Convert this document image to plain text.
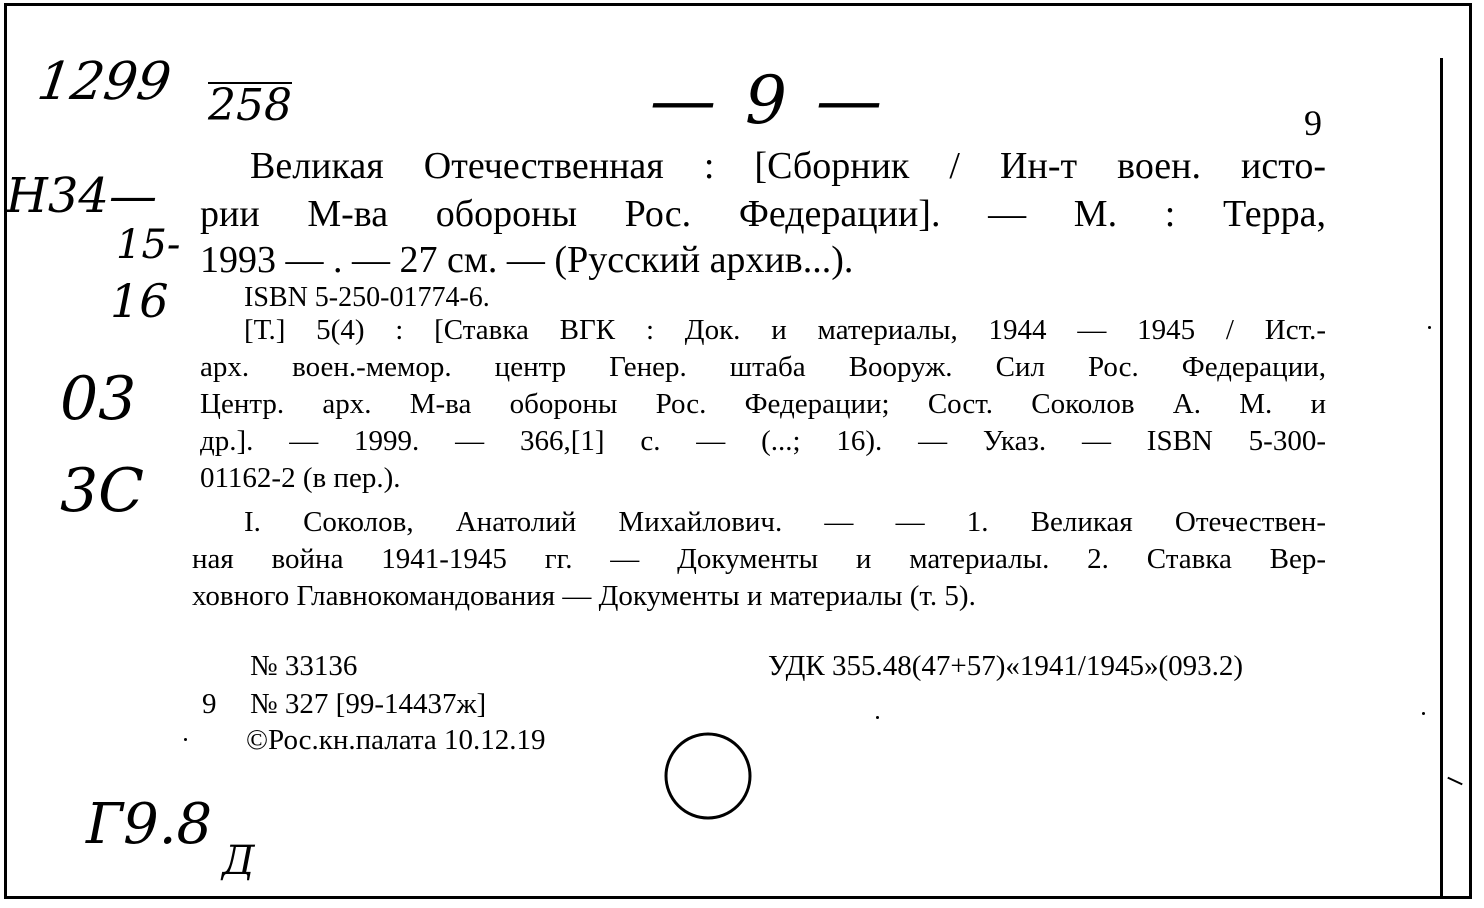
1299 258	— 9 —
Н34—
15-
16
03
3С
Г9.8
Д
9
Великая Отечественная : [Сборник / Ин-т воен. исто-
рии М-ва обороны Рос. Федерации]. — М. : Терра,
1993 — . — 27 см. — (Русский архив...).
ISBN 5-250-01774-6.
[Т.] 5(4) : [Ставка ВГК : Док. и материалы, 1944 — 1945 / Ист.-
арх. воен.-мемор. центр Генер. штаба Вооруж. Сил Рос. Федерации,
Центр. арх. М-ва обороны Рос. Федерации; Сост. Соколов А. М. и
др.]. — 1999. — 366,[1] с. — (...; 16). — Указ. — ISBN 5-300-
01162-2 (в пер.).
I. Соколов, Анатолий Михайлович. — — 1. Великая Отечествен-
ная война 1941-1945 гг. — Документы и материалы. 2. Ставка Вер-
ховного Главнокомандования — Документы и материалы (т. 5).
№ 33136	УДК 355.48(47+57)«1941/1945»(093.2)
9 № 327 [99-14437ж]
©Рос.кн.палата 10.12.19
